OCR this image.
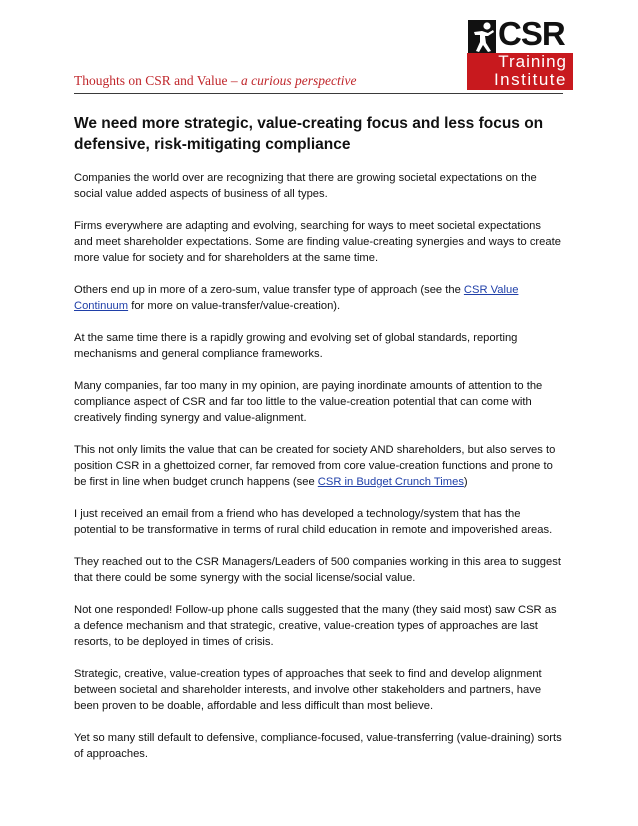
CSR
Training
Institute
Thoughts on CSR and Value – a curious perspective
We need more strategic, value-creating focus and less focus on defensive, risk-mitigating compliance

Companies the world over are recognizing that there are growing societal expectations on the social value added aspects of business of all types.

Firms everywhere are adapting and evolving, searching for ways to meet societal expectations and meet shareholder expectations. Some are finding value-creating synergies and ways to create more value for society and for shareholders at the same time.

Others end up in more of a zero-sum, value transfer type of approach (see the CSR Value Continuum for more on value-transfer/value-creation).

At the same time there is a rapidly growing and evolving set of global standards, reporting mechanisms and general compliance frameworks.

Many companies, far too many in my opinion, are paying inordinate amounts of attention to the compliance aspect of CSR and far too little to the value-creation potential that can come with creatively finding synergy and value-alignment.

This not only limits the value that can be created for society AND shareholders, but also serves to position CSR in a ghettoized corner, far removed from core value-creation functions and prone to be first in line when budget crunch happens (see CSR in Budget Crunch Times)

I just received an email from a friend who has developed a technology/system that has the potential to be transformative in terms of rural child education in remote and impoverished areas.

They reached out to the CSR Managers/Leaders of 500 companies working in this area to suggest that there could be some synergy with the social license/social value.

Not one responded! Follow-up phone calls suggested that the many (they said most) saw CSR as a defence mechanism and that strategic, creative, value-creation types of approaches are last resorts, to be deployed in times of crisis.

Strategic, creative, value-creation types of approaches that seek to find and develop alignment between societal and shareholder interests, and involve other stakeholders and partners, have been proven to be doable, affordable and less difficult than most believe.

Yet so many still default to defensive, compliance-focused, value-transferring (value-draining) sorts of approaches.
